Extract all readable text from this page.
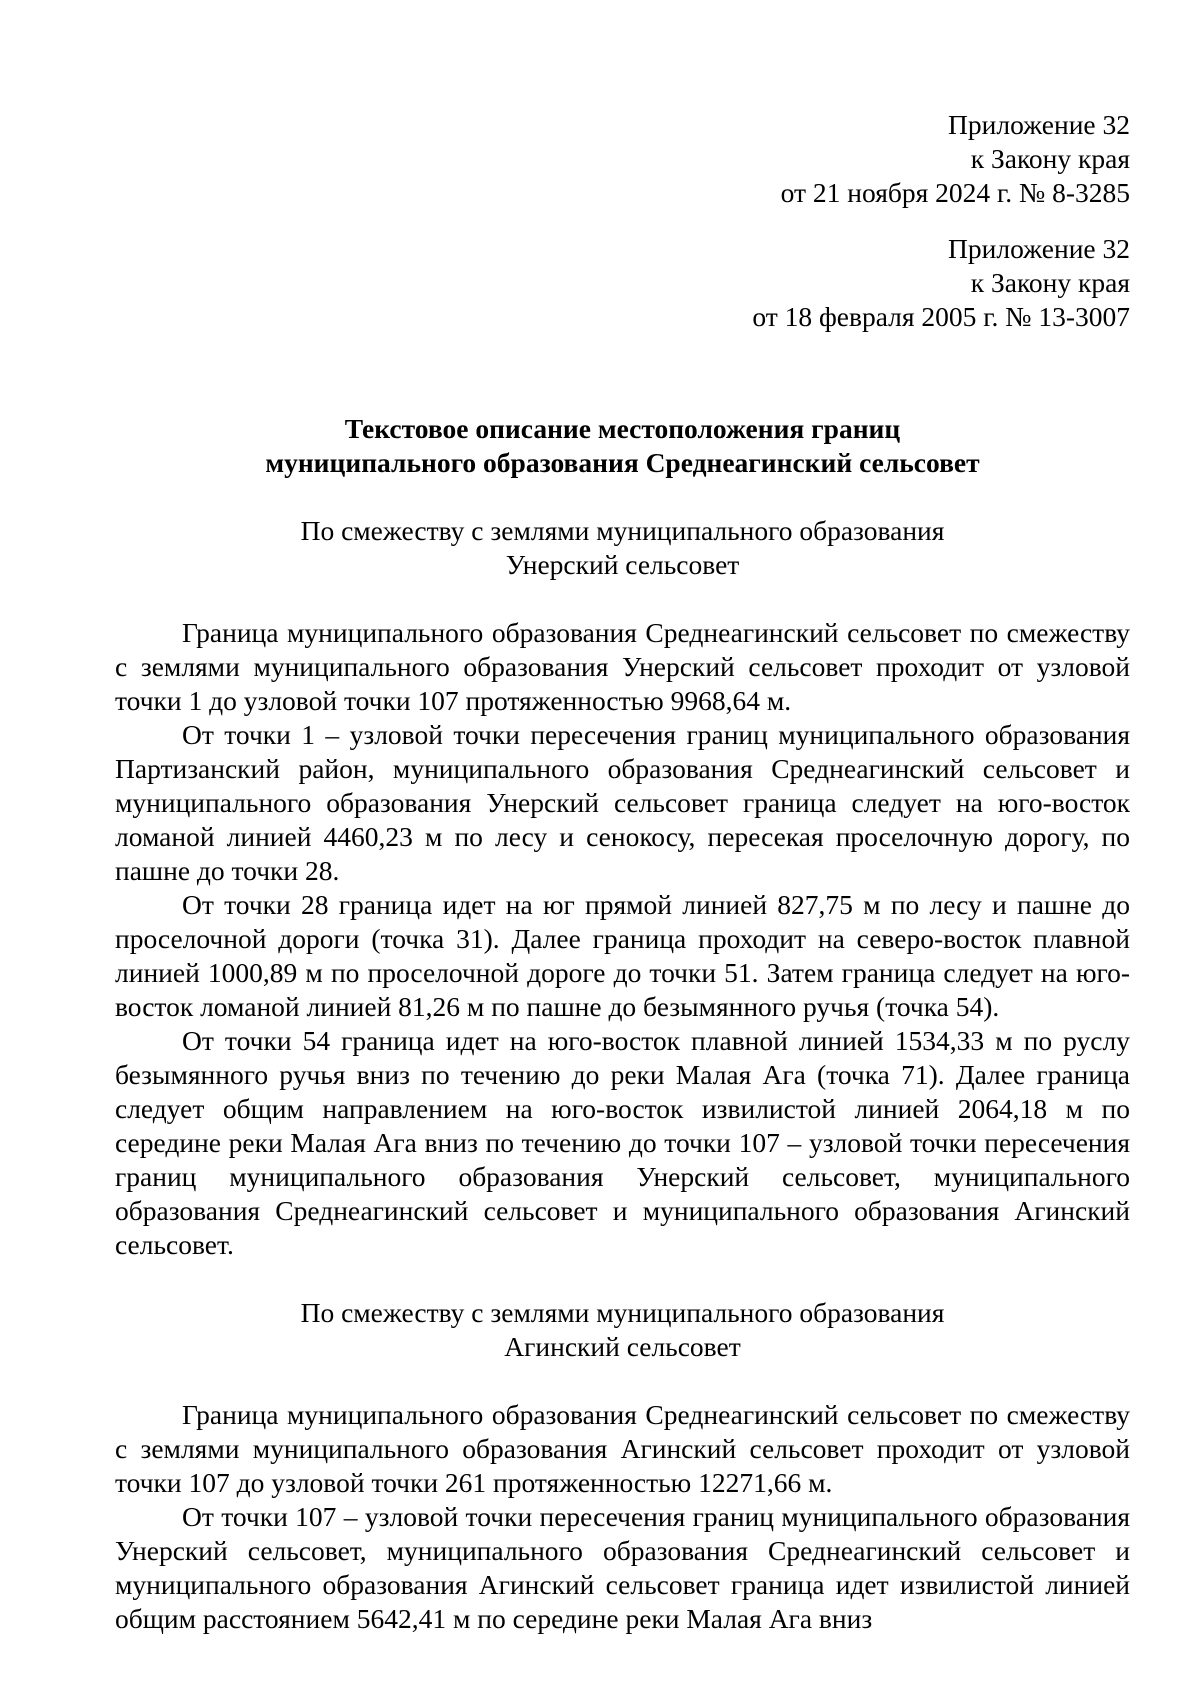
Приложение 32
к Закону края
от 21 ноября 2024 г. № 8-3285
Приложение 32
к Закону края
от 18 февраля 2005 г. № 13-3007
Текстовое описание местоположения границ
муниципального образования Среднеагинский сельсовет
По смежеству с землями муниципального образования
Унерский сельсовет

Граница муниципального образования Среднеагинский сельсовет по смежеству с землями муниципального образования Унерский сельсовет проходит от узловой точки 1 до узловой точки 107 протяженностью 9968,64 м.

От точки 1 – узловой точки пересечения границ муниципального образования Партизанский район, муниципального образования Среднеагинский сельсовет и муниципального образования Унерский сельсовет граница следует на юго-восток ломаной линией 4460,23 м по лесу и сенокосу, пересекая проселочную дорогу, по пашне до точки 28.

От точки 28 граница идет на юг прямой линией 827,75 м по лесу и пашне до проселочной дороги (точка 31). Далее граница проходит на северо-восток плавной линией 1000,89 м по проселочной дороге до точки 51. Затем граница следует на юго-восток ломаной линией 81,26 м по пашне до безымянного ручья (точка 54).

От точки 54 граница идет на юго-восток плавной линией 1534,33 м по руслу безымянного ручья вниз по течению до реки Малая Ага (точка 71). Далее граница следует общим направлением на юго-восток извилистой линией 2064,18 м по середине реки Малая Ага вниз по течению до точки 107 – узловой точки пересечения границ муниципального образования Унерский сельсовет, муниципального образования Среднеагинский сельсовет и муниципального образования Агинский сельсовет.

По смежеству с землями муниципального образования
Агинский сельсовет

Граница муниципального образования Среднеагинский сельсовет по смежеству с землями муниципального образования Агинский сельсовет проходит от узловой точки 107 до узловой точки 261 протяженностью 12271,66 м.

От точки 107 – узловой точки пересечения границ муниципального образования Унерский сельсовет, муниципального образования Среднеагинский сельсовет и муниципального образования Агинский сельсовет граница идет извилистой линией общим расстоянием 5642,41 м по середине реки Малая Ага вниз
